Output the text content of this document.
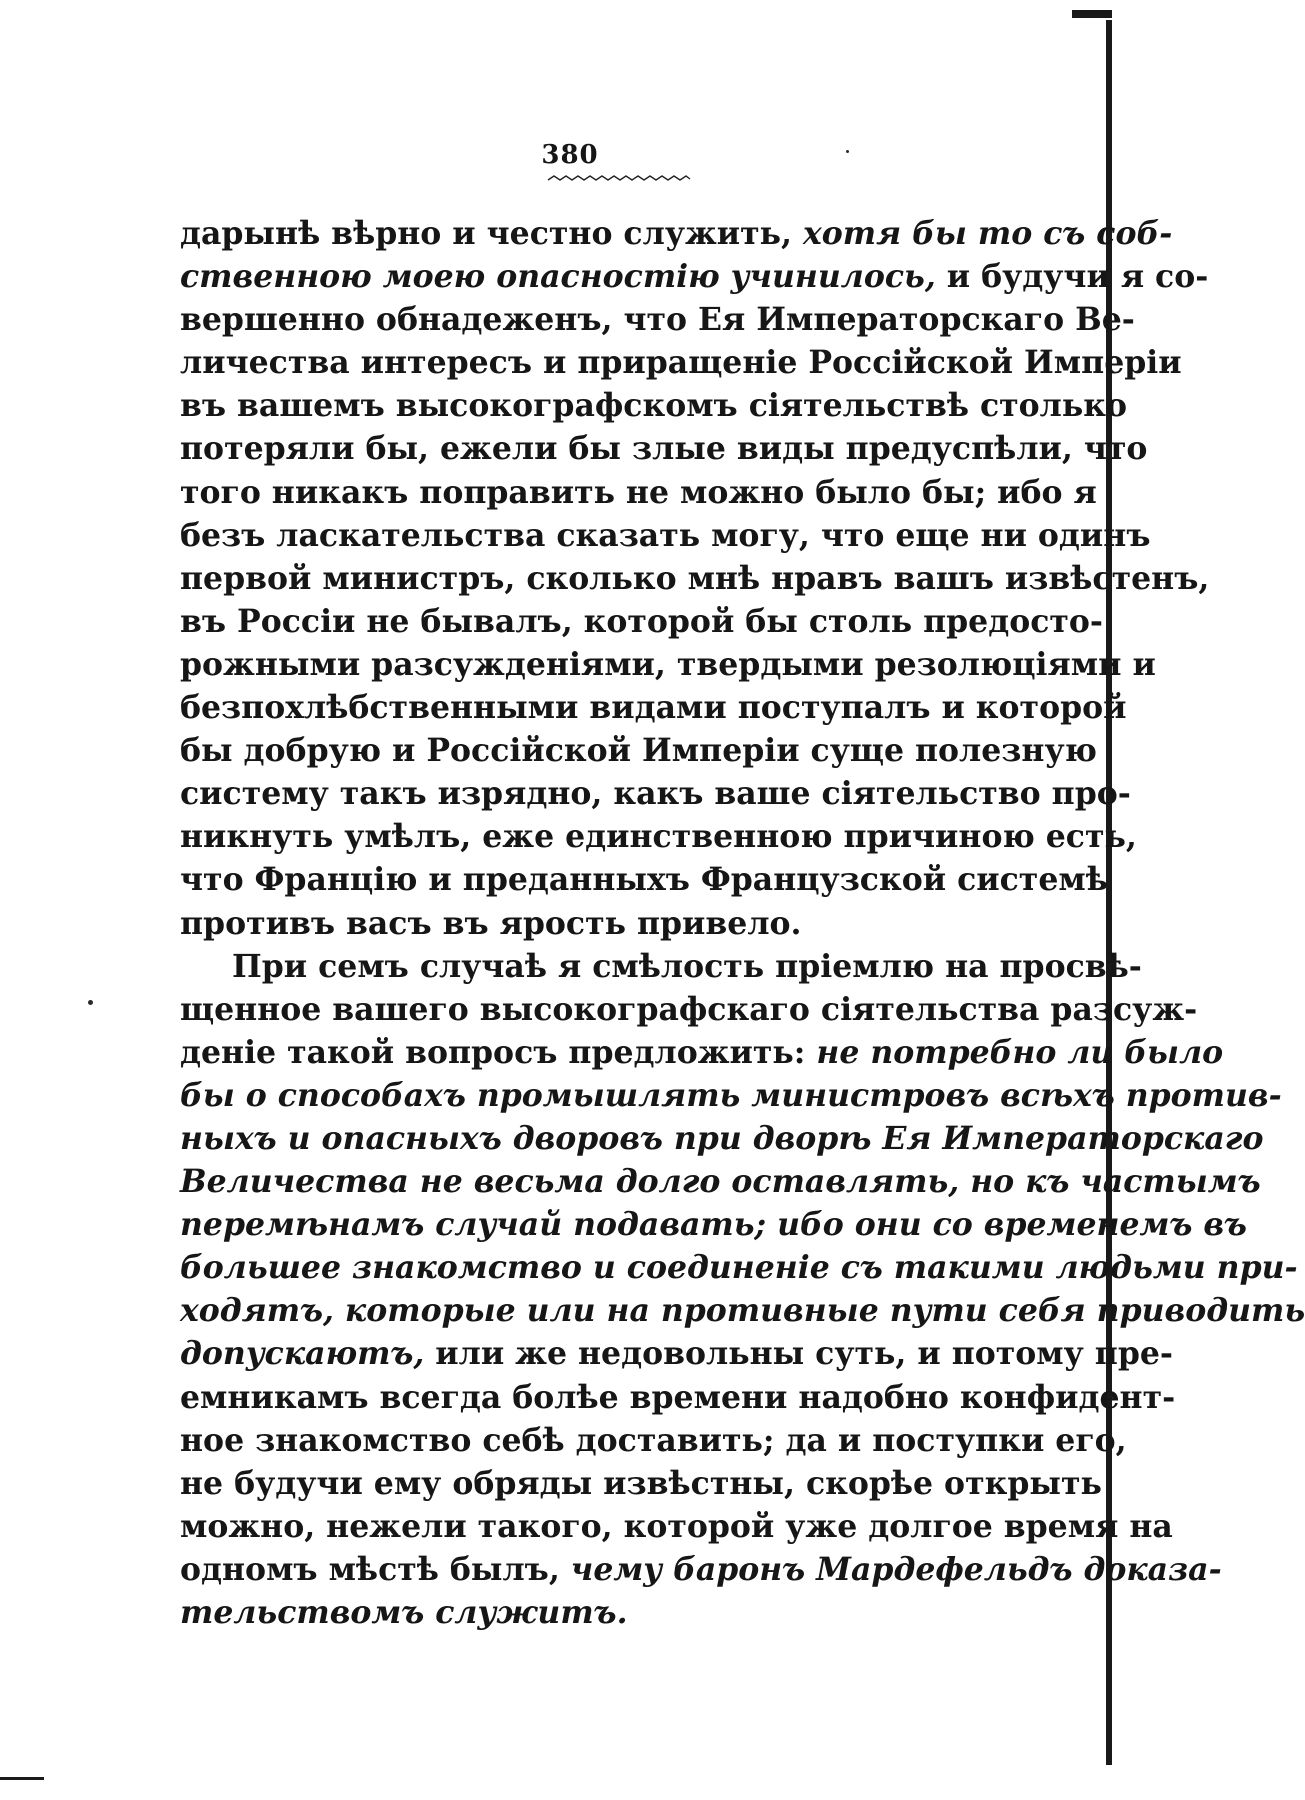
380
дарынѣ вѣрно и честно служить, хотя бы то съ соб-
ственною моею опасностію учинилось, и будучи я со-
вершенно обнадеженъ, что Ея Императорскаго Ве-
личества интересъ и приращеніе Россійской Имперіи
въ вашемъ высокографскомъ сіятельствѣ столько
потеряли бы, ежели бы злые виды предуспѣли, что
того никакъ поправить не можно было бы; ибо я
безъ ласкательства сказать могу, что еще ни одинъ
первой министръ, сколько мнѣ нравъ вашъ извѣстенъ,
въ Россіи не бывалъ, которой бы столь предосто-
рожными разсужденіями, твердыми резолюціями и
безпохлѣбственными видами поступалъ и которой
бы добрую и Россійской Имперіи суще полезную
систему такъ изрядно, какъ ваше сіятельство про-
никнуть умѣлъ, еже единственною причиною есть,
что Францію и преданныхъ Французской системѣ
противъ васъ въ ярость привело.
При семъ случаѣ я смѣлость пріемлю на просвѣ-
щенное вашего высокографскаго сіятельства разсуж-
деніе такой вопросъ предложить: не потребно ли было
бы о способахъ промышлять министровъ всѣхъ против-
ныхъ и опасныхъ дворовъ при дворѣ Ея Императорскаго
Величества не весьма долго оставлять, но къ частымъ
перемѣнамъ случай подавать; ибо они со временемъ въ
большее знакомство и соединеніе съ такими людьми при-
ходятъ, которые или на противные пути себя приводить
допускаютъ, или же недовольны суть, и потому пре-
емникамъ всегда болѣе времени надобно конфидент-
ное знакомство себѣ доставить; да и поступки его,
не будучи ему обряды извѣстны, скорѣе открыть
можно, нежели такого, которой уже долгое время на
одномъ мѣстѣ былъ, чему баронъ Мардефельдъ доказа-
тельствомъ служитъ.
